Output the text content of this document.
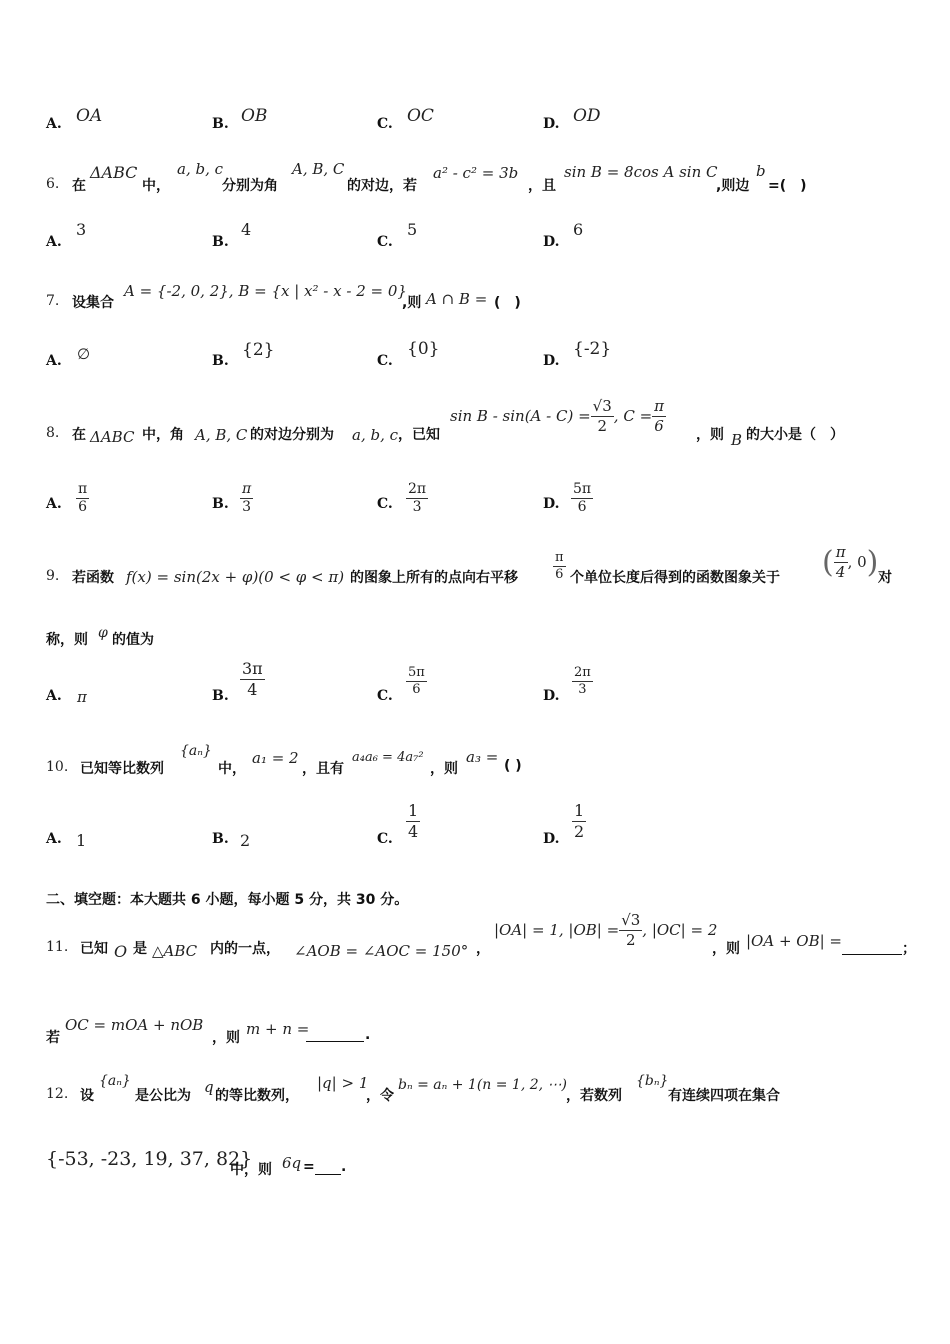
A. OA	B. OB	C. OC	D. OD
6. 在
ΔABC
中，
a, b, c
分别为角
A, B, C
的对边，若
a² - c² = 3b
，且
sin B = 8cos A sin C
,则边
b
=(　)
A.
3
B.
4
C.
5
D.
6
7. 设集合
A = {-2, 0, 2}, B = {x | x² - x - 2 = 0}
,则 A ∩ B = (　)
A. ∅	B.
{2}
C.
{0}
D.
{-2}
8. 在 ΔABC 中，角 A, B, C 的对边分别为 a, b, c ，已知
$\sin B - \sin(A - C) = \frac{√3}{2}$ , $C = \frac{\pi}{6}$
，则 B 的大小是（　）
A. $\frac{\pi}{6}$	B. $\frac{\pi}{3}$	C. $\frac{2\pi}{3}$	D. $\frac{5\pi}{6}$
9. 若函数 f(x) = sin(2x + φ)(0 < φ < π) 的图象上所有的点向右平移	$\frac{\pi}{6}$ 个单位长度后得到的函数图象关于 ( $\frac{\pi}{4}$ , 0 ) 对
称，则 φ 的值为
A. π	B. $\frac{3\pi}{4}$	C. $\frac{5\pi}{6}$	D. $\frac{2\pi}{3}$
10. 已知等比数列
{aₙ}
中，
a₁ = 2
，且有
a₄a₆ = 4a₇²
，则
a₃ = ( )
A. 1	B. 2	C. $\frac{1}{4}$	D. $\frac{1}{2}$
二、填空题：本大题共 6 小题，每小题 5 分，共 30 分。
11. 已知 O 是 △ABC 内的一点， ∠AOB = ∠AOC = 150° ，
|OA| = 1, $|OB| = \frac{√3}{2}$ , |OC| = 2
，则 |OA + OB| =	；
若
OC = mOA + nOB
，则 m + n =	.
12. 设
{aₙ}
是公比为 q 的等比数列，
|q| > 1
，令
bₙ = aₙ + 1(n = 1, 2, ⋯)
，若数列
{bₙ}
有连续四项在集合
{-53, -23, 19, 37, 82}
中，则 6q = .
